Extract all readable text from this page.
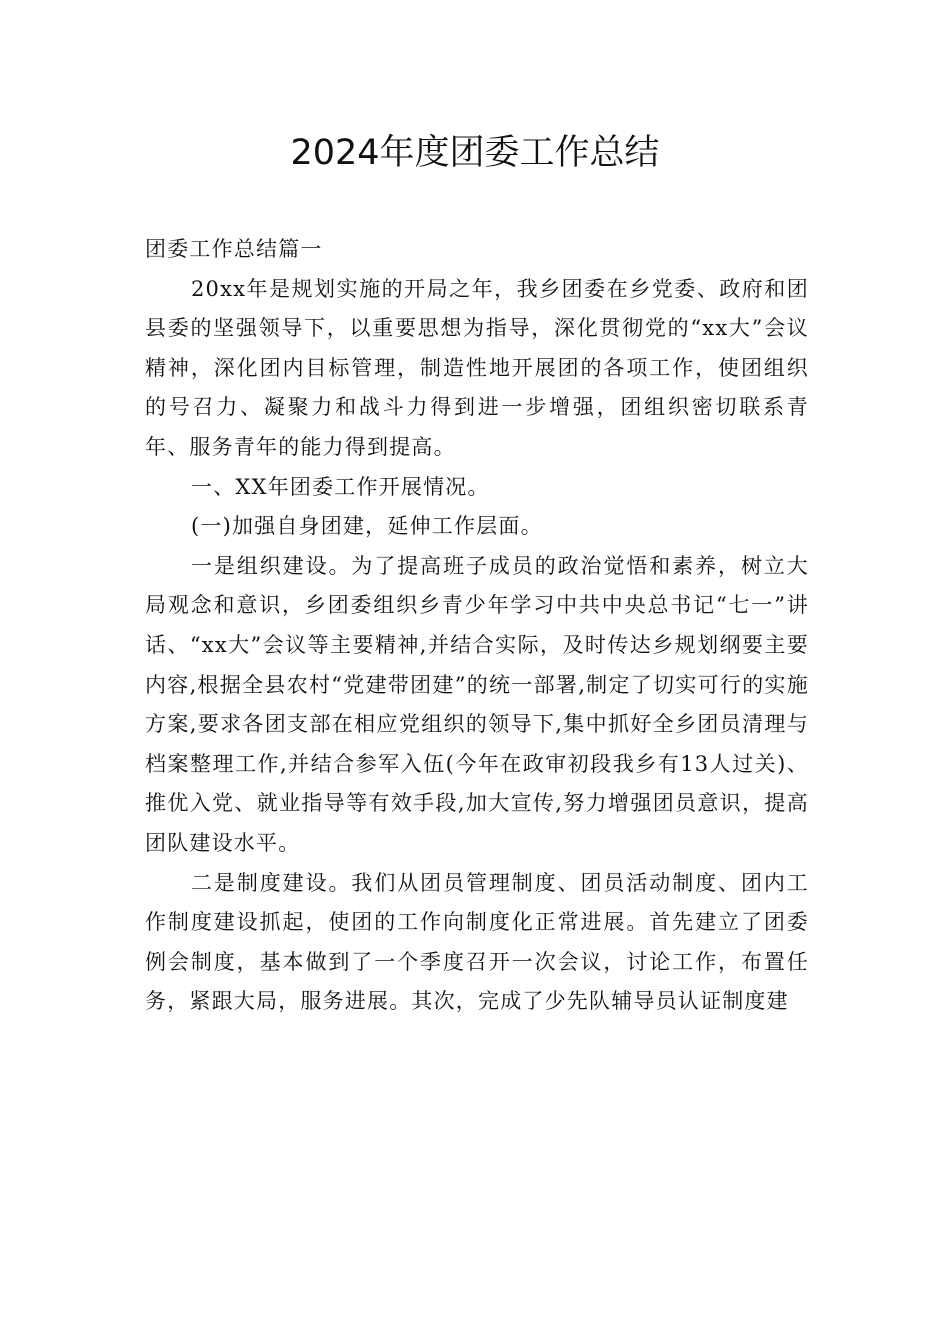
2024年度团委工作总结

团委工作总结篇一

20xx年是规划实施的开局之年，我乡团委在乡党委、政府和团县委的坚强领导下，以重要思想为指导，深化贯彻党的“xx大”会议精神，深化团内目标管理，制造性地开展团的各项工作，使团组织的号召力、凝聚力和战斗力得到进一步增强，团组织密切联系青年、服务青年的能力得到提高。

一、XX年团委工作开展情况。

(一)加强自身团建，延伸工作层面。

一是组织建设。为了提高班子成员的政治觉悟和素养，树立大局观念和意识，乡团委组织乡青少年学习中共中央总书记“七一”讲话、“xx大”会议等主要精神,并结合实际，及时传达乡规划纲要主要内容,根据全县农村“党建带团建”的统一部署,制定了切实可行的实施方案,要求各团支部在相应党组织的领导下,集中抓好全乡团员清理与档案整理工作,并结合参军入伍(今年在政审初段我乡有13人过关)、推优入党、就业指导等有效手段,加大宣传,努力增强团员意识，提高团队建设水平。

二是制度建设。我们从团员管理制度、团员活动制度、团内工作制度建设抓起，使团的工作向制度化正常进展。首先建立了团委例会制度，基本做到了一个季度召开一次会议，讨论工作，布置任务，紧跟大局，服务进展。其次，完成了少先队辅导员认证制度建
